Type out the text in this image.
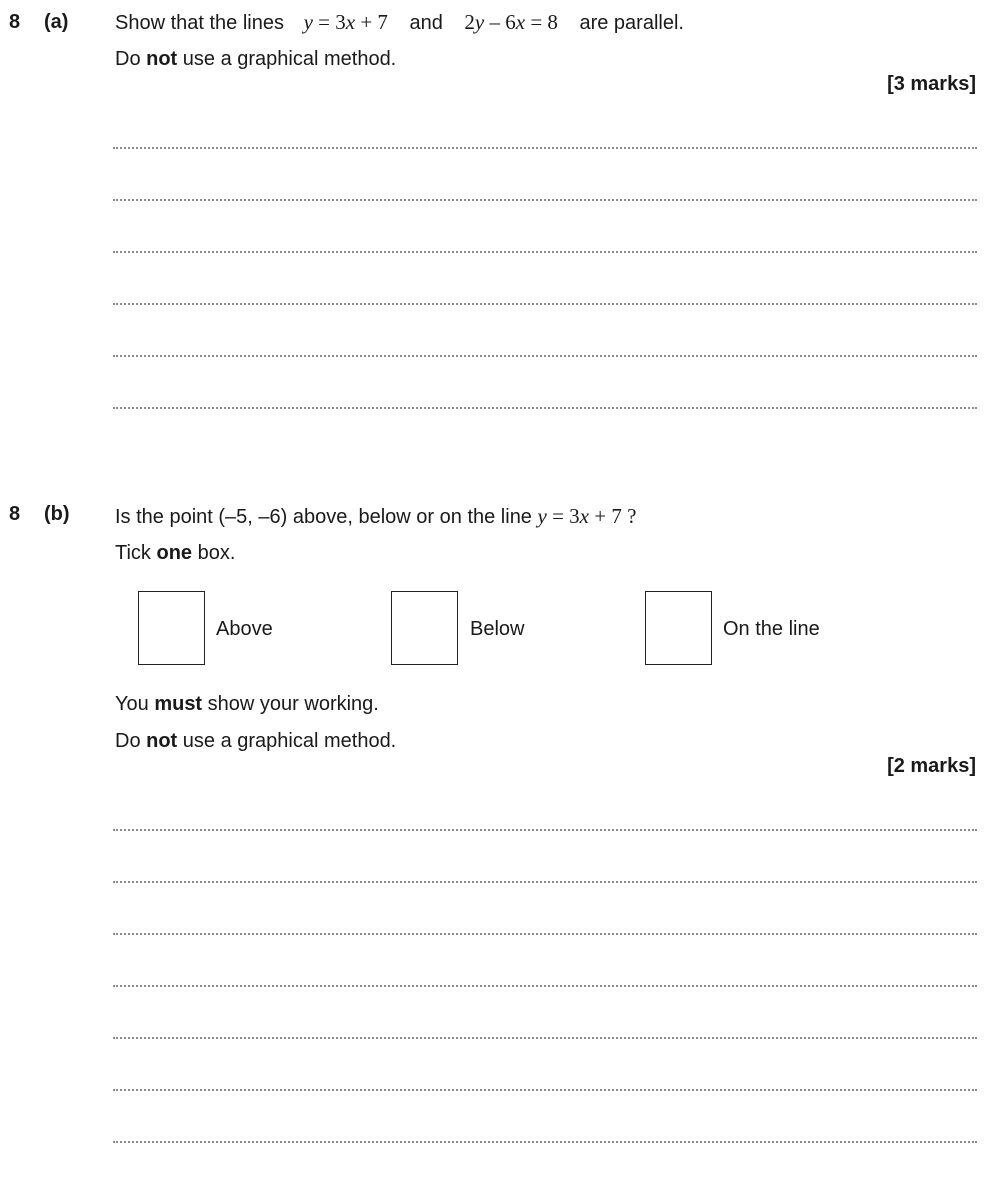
8 (a) Show that the lines y = 3x + 7 and 2y – 6x = 8 are parallel.
Do not use a graphical method.
[3 marks]
8 (b) Is the point (–5, –6) above, below or on the line y = 3x + 7 ?
Tick one box.
Above	Below	On the line
You must show your working.
Do not use a graphical method.
[2 marks]
